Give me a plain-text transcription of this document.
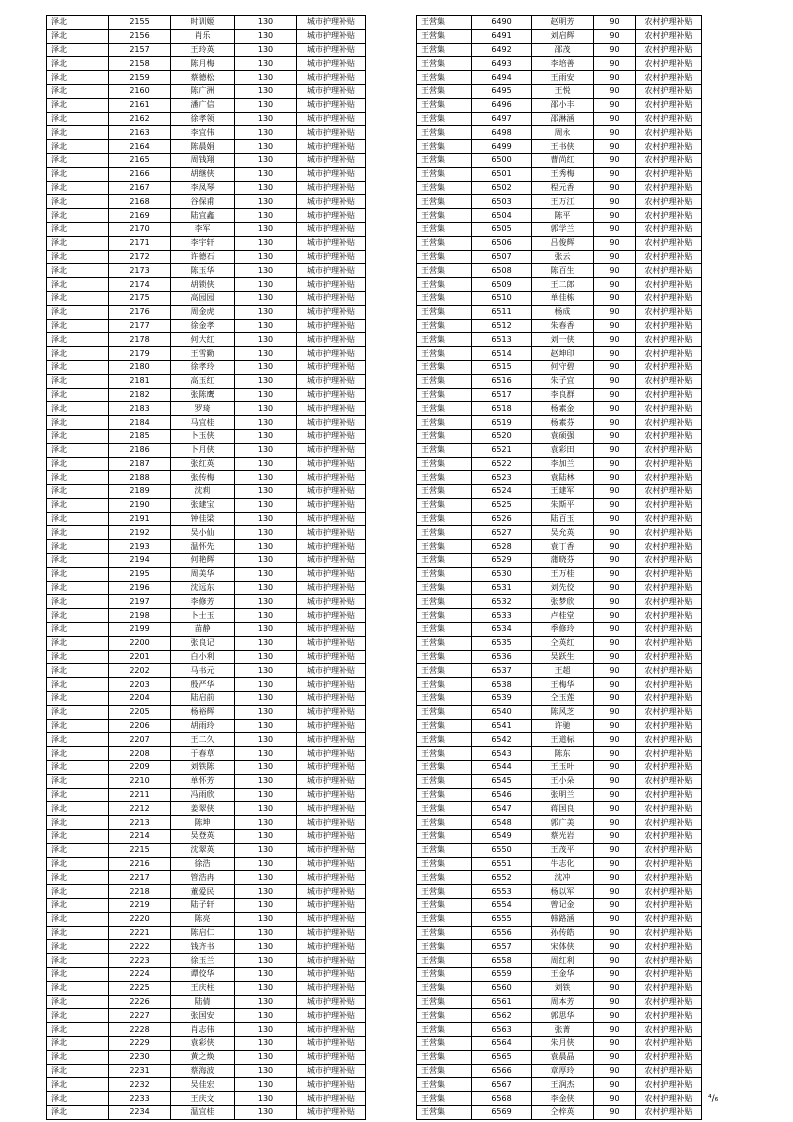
泽北	2155	时训姬	130	城市护理补贴
泽北	2156	肖乐	130	城市护理补贴
泽北	2157	王玲英	130	城市护理补贴
泽北	2158	陈月梅	130	城市护理补贴
泽北	2159	蔡德松	130	城市护理补贴
泽北	2160	陈广洲	130	城市护理补贴
泽北	2161	潘广信	130	城市护理补贴
泽北	2162	徐孝领	130	城市护理补贴
泽北	2163	李宜伟	130	城市护理补贴
泽北	2164	陈晨娟	130	城市护理补贴
泽北	2165	周钱翔	130	城市护理补贴
泽北	2166	胡继侠	130	城市护理补贴
泽北	2167	李凤琴	130	城市护理补贴
泽北	2168	谷保甫	130	城市护理补贴
泽北	2169	陆宜鑫	130	城市护理补贴
泽北	2170	李军	130	城市护理补贴
泽北	2171	李宇轩	130	城市护理补贴
泽北	2172	许德石	130	城市护理补贴
泽北	2173	陈玉华	130	城市护理补贴
泽北	2174	胡锁侠	130	城市护理补贴
泽北	2175	高园园	130	城市护理补贴
泽北	2176	周金虎	130	城市护理补贴
泽北	2177	徐金孝	130	城市护理补贴
泽北	2178	何大红	130	城市护理补贴
泽北	2179	王雪勤	130	城市护理补贴
泽北	2180	徐孝玲	130	城市护理补贴
泽北	2181	高玉红	130	城市护理补贴
泽北	2182	张陈鹰	130	城市护理补贴
泽北	2183	罗琦	130	城市护理补贴
泽北	2184	马宜桂	130	城市护理补贴
泽北	2185	卜玉侠	130	城市护理补贴
泽北	2186	卜月侠	130	城市护理补贴
泽北	2187	张红英	130	城市护理补贴
泽北	2188	张传梅	130	城市护理补贴
泽北	2189	沈莉	130	城市护理补贴
泽北	2190	张建宝	130	城市护理补贴
泽北	2191	钟佳梁	130	城市护理补贴
泽北	2192	吴小仙	130	城市护理补贴
泽北	2193	温怀先	130	城市护理补贴
泽北	2194	何艳辉	130	城市护理补贴
泽北	2195	周美华	130	城市护理补贴
泽北	2196	沈远东	130	城市护理补贴
泽北	2197	李修芳	130	城市护理补贴
泽北	2198	卜士玉	130	城市护理补贴
泽北	2199	苗静	130	城市护理补贴
泽北	2200	张良记	130	城市护理补贴
泽北	2201	白小利	130	城市护理补贴
泽北	2202	马书元	130	城市护理补贴
泽北	2203	殷严华	130	城市护理补贴
泽北	2204	陆启前	130	城市护理补贴
泽北	2205	杨裕辉	130	城市护理补贴
泽北	2206	胡雨玲	130	城市护理补贴
泽北	2207	王二久	130	城市护理补贴
泽北	2208	于春草	130	城市护理补贴
泽北	2209	刘铁陈	130	城市护理补贴
泽北	2210	单怀芳	130	城市护理补贴
泽北	2211	冯雨欣	130	城市护理补贴
泽北	2212	姜翠侠	130	城市护理补贴
泽北	2213	陈坤	130	城市护理补贴
泽北	2214	吴登英	130	城市护理补贴
泽北	2215	沈翠英	130	城市护理补贴
泽北	2216	徐浩	130	城市护理补贴
泽北	2217	管浩冉	130	城市护理补贴
泽北	2218	董爱民	130	城市护理补贴
泽北	2219	陆子轩	130	城市护理补贴
泽北	2220	陈亮	130	城市护理补贴
泽北	2221	陈启仁	130	城市护理补贴
泽北	2222	钱齐书	130	城市护理补贴
泽北	2223	徐玉兰	130	城市护理补贴
泽北	2224	谭佼华	130	城市护理补贴
泽北	2225	王庆柱	130	城市护理补贴
泽北	2226	陆倩	130	城市护理补贴
泽北	2227	张国安	130	城市护理补贴
泽北	2228	肖志伟	130	城市护理补贴
泽北	2229	袁彩侠	130	城市护理补贴
泽北	2230	黄之焕	130	城市护理补贴
泽北	2231	蔡海波	130	城市护理补贴
泽北	2232	吴佳宏	130	城市护理补贴
泽北	2233	王庆文	130	城市护理补贴
泽北	2234	温宜桂	130	城市护理补贴
王营集	6490	赵明芳	90	农村护理补贴
王营集	6491	刘启辉	90	农村护理补贴
王营集	6492	邵茂	90	农村护理补贴
王营集	6493	李培善	90	农村护理补贴
王营集	6494	王雨安	90	农村护理补贴
王营集	6495	王悦	90	农村护理补贴
王营集	6496	邵小丰	90	农村护理补贴
王营集	6497	邵淋涵	90	农村护理补贴
王营集	6498	周永	90	农村护理补贴
王营集	6499	王书侠	90	农村护理补贴
王营集	6500	曹尚红	90	农村护理补贴
王营集	6501	王秀梅	90	农村护理补贴
王营集	6502	程元香	90	农村护理补贴
王营集	6503	王万江	90	农村护理补贴
王营集	6504	陈平	90	农村护理补贴
王营集	6505	郭学兰	90	农村护理补贴
王营集	6506	吕俊辉	90	农村护理补贴
王营集	6507	张云	90	农村护理补贴
王营集	6508	陈百生	90	农村护理补贴
王营集	6509	王二郎	90	农村护理补贴
王营集	6510	单佳栋	90	农村护理补贴
王营集	6511	杨成	90	农村护理补贴
王营集	6512	朱春香	90	农村护理补贴
王营集	6513	刘一侠	90	农村护理补贴
王营集	6514	赵坤印	90	农村护理补贴
王营集	6515	何守碧	90	农村护理补贴
王营集	6516	朱子宜	90	农村护理补贴
王营集	6517	李良群	90	农村护理补贴
王营集	6518	杨素金	90	农村护理补贴
王营集	6519	杨素芬	90	农村护理补贴
王营集	6520	袁硕强	90	农村护理补贴
王营集	6521	袁彩田	90	农村护理补贴
王营集	6522	李加兰	90	农村护理补贴
王营集	6523	袁陆林	90	农村护理补贴
王营集	6524	王建军	90	农村护理补贴
王营集	6525	朱斯平	90	农村护理补贴
王营集	6526	陆百玉	90	农村护理补贴
王营集	6527	吴允英	90	农村护理补贴
王营集	6528	袁丁香	90	农村护理补贴
王营集	6529	蒲晓芬	90	农村护理补贴
王营集	6530	王万桂	90	农村护理补贴
王营集	6531	刘先佼	90	农村护理补贴
王营集	6532	张梦欣	90	农村护理补贴
王营集	6533	卢桂堂	90	农村护理补贴
王营集	6534	季修玲	90	农村护理补贴
王营集	6535	仝英红	90	农村护理补贴
王营集	6536	吴跃生	90	农村护理补贴
王营集	6537	王超	90	农村护理补贴
王营集	6538	王梅华	90	农村护理补贴
王营集	6539	仝玉莲	90	农村护理补贴
王营集	6540	陈风芝	90	农村护理补贴
王营集	6541	许驰	90	农村护理补贴
王营集	6542	王道标	90	农村护理补贴
王营集	6543	陈东	90	农村护理补贴
王营集	6544	王玉叶	90	农村护理补贴
王营集	6545	王小朵	90	农村护理补贴
王营集	6546	张明兰	90	农村护理补贴
王营集	6547	蒋国良	90	农村护理补贴
王营集	6548	郭广美	90	农村护理补贴
王营集	6549	蔡光岩	90	农村护理补贴
王营集	6550	王茂平	90	农村护理补贴
王营集	6551	牛志化	90	农村护理补贴
王营集	6552	沈冲	90	农村护理补贴
王营集	6553	杨以军	90	农村护理补贴
王营集	6554	曾记金	90	农村护理补贴
王营集	6555	韩路涵	90	农村护理补贴
王营集	6556	孙传皓	90	农村护理补贴
王营集	6557	宋体侠	90	农村护理补贴
王营集	6558	周红利	90	农村护理补贴
王营集	6559	王金华	90	农村护理补贴
王营集	6560	刘铁	90	农村护理补贴
王营集	6561	周本芳	90	农村护理补贴
王营集	6562	郭思华	90	农村护理补贴
王营集	6563	张菁	90	农村护理补贴
王营集	6564	朱月侠	90	农村护理补贴
王营集	6565	袁晨晶	90	农村护理补贴
王营集	6566	章厚玲	90	农村护理补贴
王营集	6567	王润杰	90	农村护理补贴
王营集	6568	李金侠	90	农村护理补贴
王营集	6569	仝梓英	90	农村护理补贴
⁴/₆
